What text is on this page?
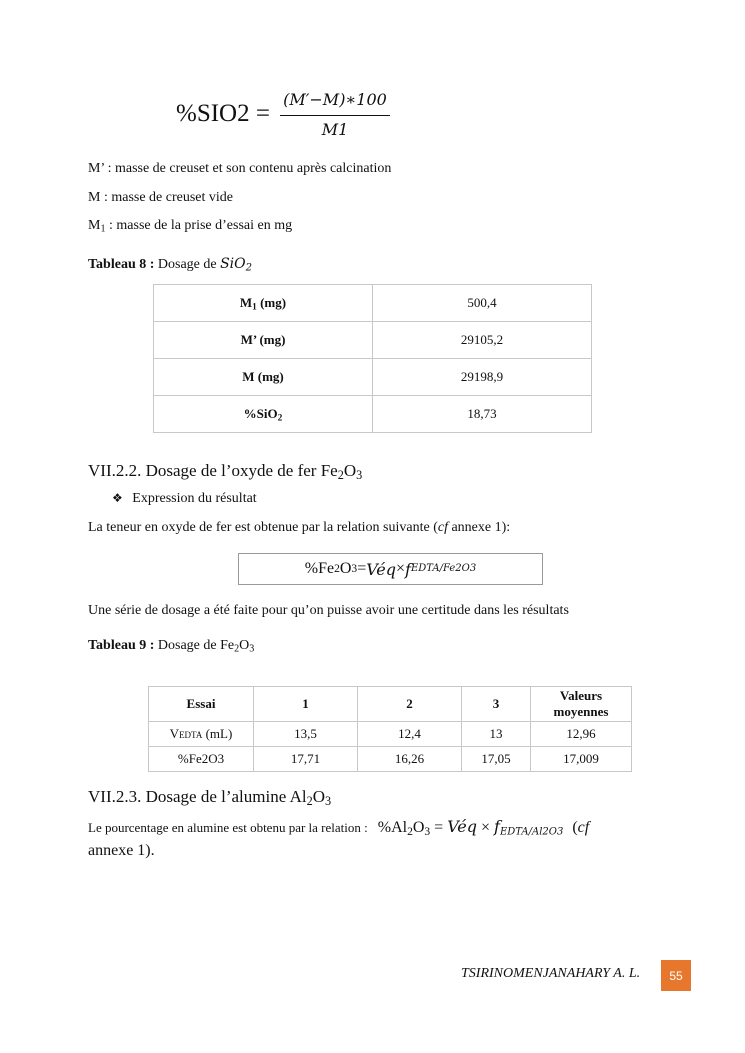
%SIO2 =
(M′−M)∗100
M1
M’ : masse de creuset et son contenu après calcination
M : masse de creuset vide
$M_1$ : masse de la prise d’essai en mg
Tableau 8 : Dosage de SiO$_2$
$M_1$ (mg)	500,4
M’ (mg)	29105,2
M (mg)	29198,9
%SiO$_2$	18,73
VII.2.2. Dosage de l’oxyde de fer $Fe_2O_3$
❖ Expression du résultat
La teneur en oxyde de fer est obtenue par la relation suivante (cf annexe 1):
%Fe 2 O 3 = Véq × f EDTA/Fe2O3
Une série de dosage a été faite pour qu’on puisse avoir une certitude dans les résultats
Tableau 9 : Dosage de $Fe_2O_3$
Essai	1	2	3	Valeurs moyennes
VEDTA (mL)	13,5	12,4	13	12,96
%Fe2O3	17,71	16,26	17,05	17,009
VII.2.3. Dosage de l’alumine $Al_2O_3$
Le pourcentage en alumine est obtenu par la relation : $\%Al_2O_3$ = Véq × $f_{EDTA/Al2O3}$ (cf
annexe 1).
TSIRINOMENJANAHARY A. L.	55
